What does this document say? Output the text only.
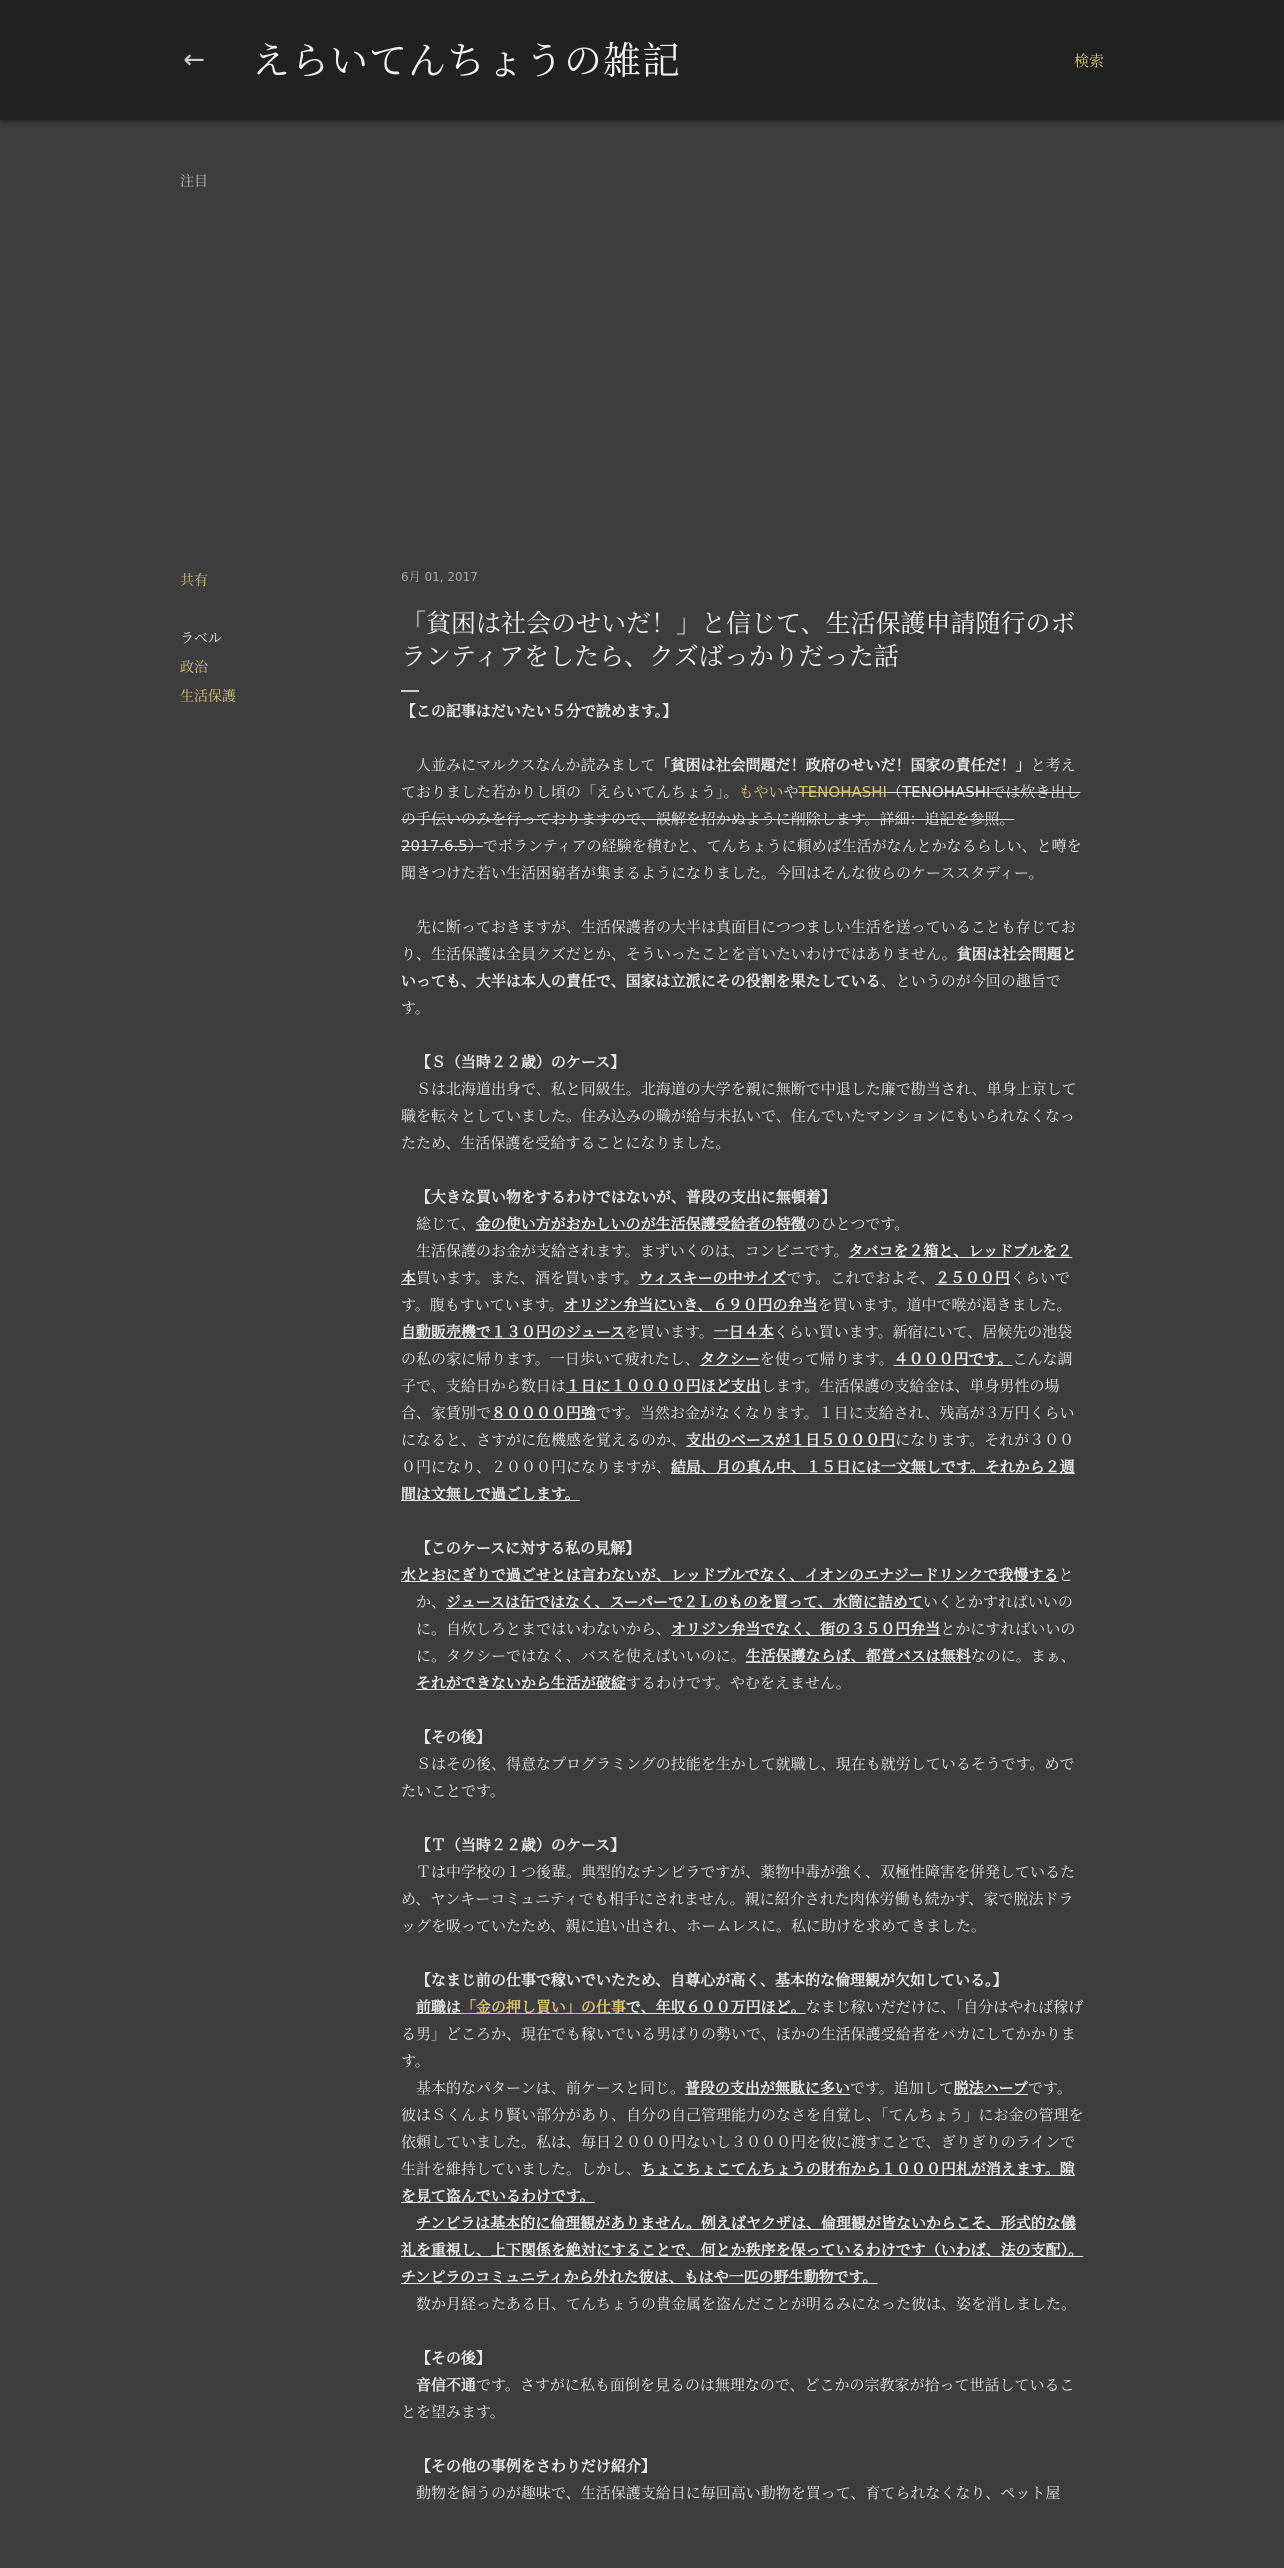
← えらいてんちょうの雑記	検索
注目
共有
ラベル
政治
生活保護
6月 01, 2017
「貧困は社会のせいだ！」と信じて、生活保護申請随行のボランティアをしたら、クズばっかりだった話

【この記事はだいたい５分で読めます。】

　人並みにマルクスなんか読みまして「貧困は社会問題だ！政府のせいだ！国家の責任だ！」と考えておりました若かりし頃の「えらいてんちょう」。もやいやTENOHASHI（TENOHASHIでは炊き出しの手伝いのみを行っておりますので、誤解を招かぬように削除します。詳細：追記を参照。2017.6.5）でボランティアの経験を積むと、てんちょうに頼めば生活がなんとかなるらしい、と噂を聞きつけた若い生活困窮者が集まるようになりました。今回はそんな彼らのケーススタディー。

　先に断っておきますが、生活保護者の大半は真面目につつましい生活を送っていることも存じており、生活保護は全員クズだとか、そういったことを言いたいわけではありません。貧困は社会問題といっても、大半は本人の責任で、国家は立派にその役割を果たしている、というのが今回の趣旨です。

【Ｓ（当時２２歳）のケース】

　Ｓは北海道出身で、私と同級生。北海道の大学を親に無断で中退した廉で勘当され、単身上京して職を転々としていました。住み込みの職が給与未払いで、住んでいたマンションにもいられなくなったため、生活保護を受給することになりました。

【大きな買い物をするわけではないが、普段の支出に無頓着】

　総じて、金の使い方がおかしいのが生活保護受給者の特徴のひとつです。

　生活保護のお金が支給されます。まずいくのは、コンビニです。タバコを２箱と、レッドブルを２本買います。また、酒を買います。ウィスキーの中サイズです。これでおよそ、２５００円くらいです。腹もすいています。オリジン弁当にいき、６９０円の弁当を買います。道中で喉が渇きました。自動販売機で１３０円のジュースを買います。一日４本くらい買います。新宿にいて、居候先の池袋の私の家に帰ります。一日歩いて疲れたし、タクシーを使って帰ります。４０００円です。こんな調子で、支給日から数日は１日に１００００円ほど支出します。生活保護の支給金は、単身男性の場合、家賃別で８００００円強です。当然お金がなくなります。１日に支給され、残高が３万円くらいになると、さすがに危機感を覚えるのか、支出のベースが１日５０００円になります。それが３０００円になり、２０００円になりますが、結局、月の真ん中、１５日には一文無しです。それから２週間は文無しで過ごします。

【このケースに対する私の見解】

水とおにぎりで過ごせとは言わないが、レッドブルでなく、イオンのエナジードリンクで我慢するとか、ジュースは缶ではなく、スーパーで２Ｌのものを買って、水筒に詰めていくとかすればいいのに。自炊しろとまではいわないから、オリジン弁当でなく、街の３５０円弁当とかにすればいいのに。タクシーではなく、バスを使えばいいのに。生活保護ならば、都営バスは無料なのに。まぁ、それができないから生活が破綻するわけです。やむをえません。

【その後】

　Ｓはその後、得意なプログラミングの技能を生かして就職し、現在も就労しているそうです。めでたいことです。

【Ｔ（当時２２歳）のケース】

　Ｔは中学校の１つ後輩。典型的なチンピラですが、薬物中毒が強く、双極性障害を併発しているため、ヤンキーコミュニティでも相手にされません。親に紹介された肉体労働も続かず、家で脱法ドラッグを吸っていたため、親に追い出され、ホームレスに。私に助けを求めてきました。

【なまじ前の仕事で稼いでいたため、自尊心が高く、基本的な倫理観が欠如している。】

前職は「金の押し買い」の仕事で、年収６００万円ほど。なまじ稼いだだけに、「自分はやれば稼げる男」どころか、現在でも稼いでいる男ばりの勢いで、ほかの生活保護受給者をバカにしてかかります。

　基本的なパターンは、前ケースと同じ。普段の支出が無駄に多いです。追加して脱法ハーブです。彼はＳくんより賢い部分があり、自分の自己管理能力のなさを自覚し、「てんちょう」にお金の管理を依頼していました。私は、毎日２０００円ないし３０００円を彼に渡すことで、ぎりぎりのラインで生計を維持していました。しかし、ちょこちょこてんちょうの財布から１０００円札が消えます。隙を見て盗んでいるわけです。

チンピラは基本的に倫理観がありません。例えばヤクザは、倫理観が皆ないからこそ、形式的な儀礼を重視し、上下関係を絶対にすることで、何とか秩序を保っているわけです（いわば、法の支配）。チンピラのコミュニティから外れた彼は、もはや一匹の野生動物です。

　数か月経ったある日、てんちょうの貴金属を盗んだことが明るみになった彼は、姿を消しました。

【その後】

音信不通です。さすがに私も面倒を見るのは無理なので、どこかの宗教家が拾って世話していることを望みます。

【その他の事例をさわりだけ紹介】

　動物を飼うのが趣味で、生活保護支給日に毎回高い動物を買って、育てられなくなり、ペット屋
